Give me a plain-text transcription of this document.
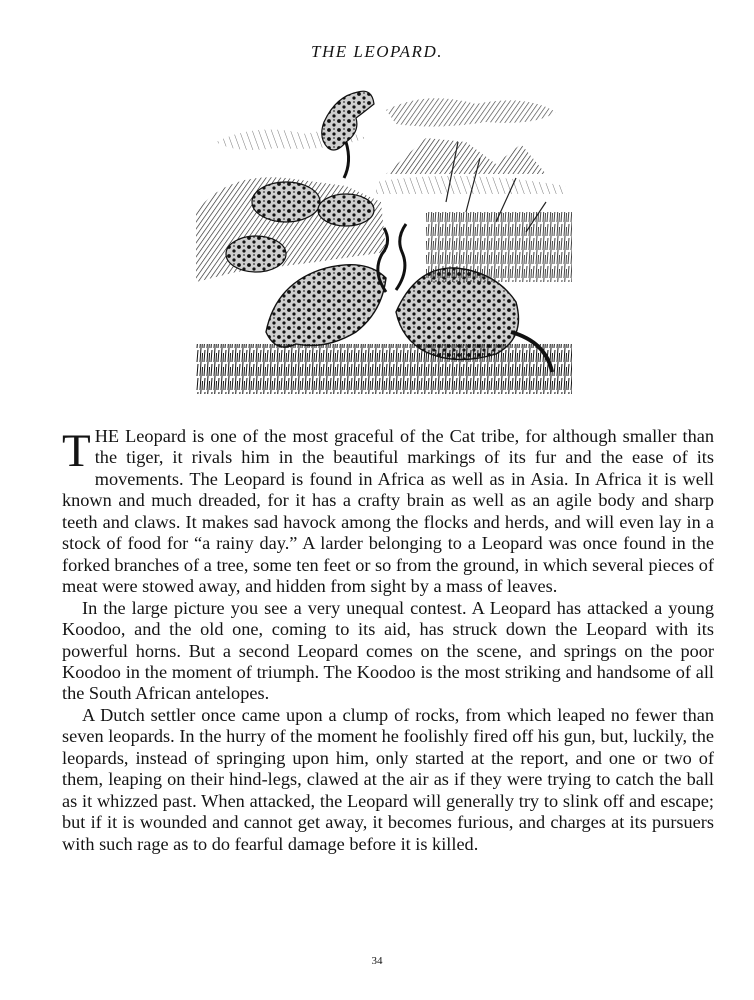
THE LEOPARD.

THE Leopard is one of the most graceful of the Cat tribe, for although smaller than the tiger, it rivals him in the beautiful markings of its fur and the ease of its movements. The Leopard is found in Africa as well as in Asia. In Africa it is well known and much dreaded, for it has a crafty brain as well as an agile body and sharp teeth and claws. It makes sad havock among the flocks and herds, and will even lay in a stock of food for “a rainy day.” A larder belonging to a Leopard was once found in the forked branches of a tree, some ten feet or so from the ground, in which several pieces of meat were stowed away, and hidden from sight by a mass of leaves.

In the large picture you see a very unequal contest. A Leopard has attacked a young Koodoo, and the old one, coming to its aid, has struck down the Leopard with its powerful horns. But a second Leopard comes on the scene, and springs on the poor Koodoo in the moment of triumph. The Koodoo is the most striking and handsome of all the South African antelopes.

A Dutch settler once came upon a clump of rocks, from which leaped no fewer than seven leopards. In the hurry of the moment he foolishly fired off his gun, but, luckily, the leopards, instead of springing upon him, only started at the report, and one or two of them, leaping on their hind-legs, clawed at the air as if they were trying to catch the ball as it whizzed past. When attacked, the Leopard will generally try to slink off and escape; but if it is wounded and cannot get away, it becomes furious, and charges at its pursuers with such rage as to do fearful damage before it is killed.

34
